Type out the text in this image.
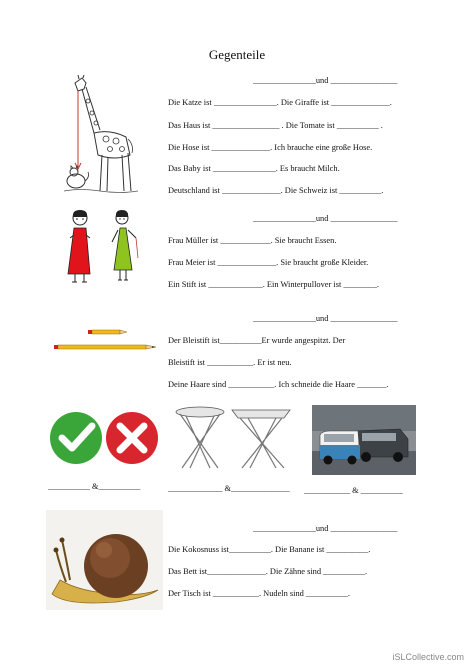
Gegenteile
_______________und ________________
Die Katze ist _______________. Die Giraffe ist ______________.
Das Haus ist ________________ . Die Tomate ist __________ .
Die Hose ist ______________. Ich brauche eine große Hose.
Das Baby ist _______________. Es braucht Milch.
Deutschland ist ______________. Die Schweiz ist __________.
_______________und ________________
Frau Müller ist ____________. Sie braucht Essen.
Frau Meier ist ______________. Sie braucht große Kleider.
Ein Stift ist _____________. Ein Winterpullover ist ________.
_______________und ________________
Der Bleistift ist__________Er wurde angespitzt. Der
Bleistift ist ___________. Er ist neu.
Deine Haare sind ___________. Ich schneide die Haare _______.
__________ &__________	_____________ &______________ ___________ & __________
_______________und ________________
Die Kokosnuss ist__________. Die Banane ist __________.
Das Bett ist______________. Die Zähne sind __________.
Der Tisch ist ___________. Nudeln sind __________.
iSLCollective.com
